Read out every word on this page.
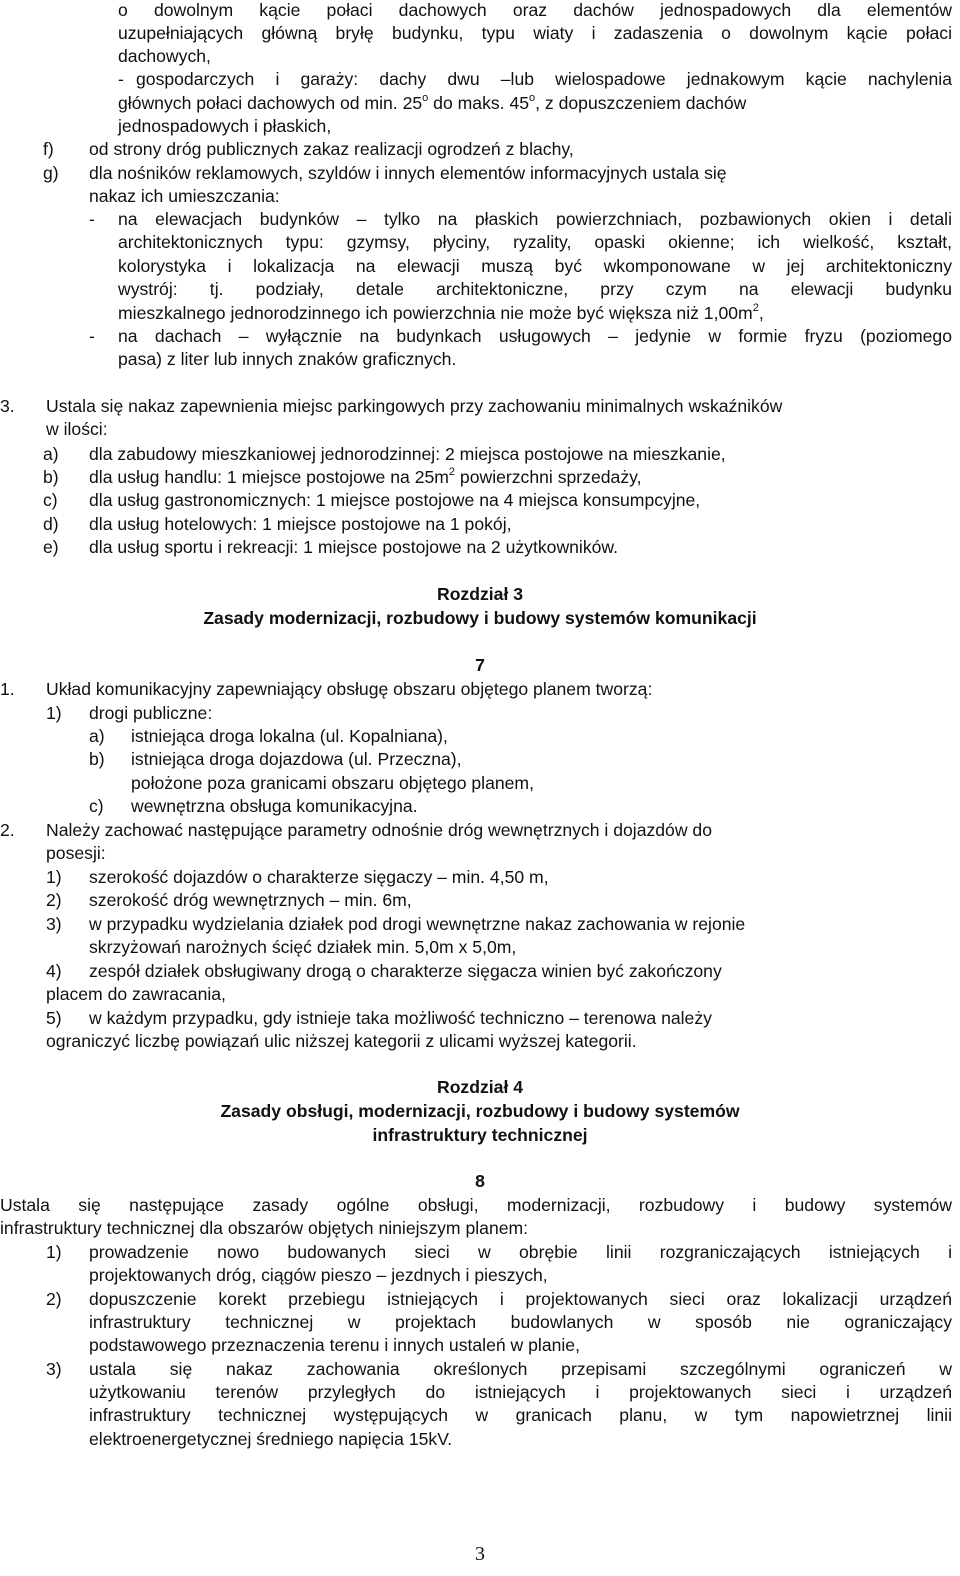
o dowolnym kącie połaci dachowych oraz dachów jednospadowych dla elementów
uzupełniających główną bryłę budynku, typu wiaty i zadaszenia o dowolnym kącie połaci
dachowych,
- gospodarczych i garaży: dachy dwu –lub wielospadowe jednakowym kącie nachylenia
głównych połaci dachowych od min. 25$^o$ do maks. 45$^o$, z dopuszczeniem dachów
jednospadowych i płaskich,
f) od strony dróg publicznych zakaz realizacji ogrodzeń z blachy,
g) dla nośników reklamowych, szyldów i innych elementów informacyjnych ustala się
nakaz ich umieszczania:
- na elewacjach budynków – tylko na płaskich powierzchniach, pozbawionych okien i detali
architektonicznych typu: gzymsy, płyciny, ryzality, opaski okienne; ich wielkość, kształt,
kolorystyka i lokalizacja na elewacji muszą być wkomponowane w jej architektoniczny
wystrój: tj. podziały, detale architektoniczne, przy czym na elewacji budynku
mieszkalnego jednorodzinnego ich powierzchnia nie może być większa niż $1,00m^2$,
- na dachach – wyłącznie na budynkach usługowych – jedynie w formie fryzu (poziomego
pasa) z liter lub innych znaków graficznych.
3. Ustala się nakaz zapewnienia miejsc parkingowych przy zachowaniu minimalnych wskaźników
w ilości:
a) dla zabudowy mieszkaniowej jednorodzinnej: 2 miejsca postojowe na mieszkanie,
b) dla usług handlu: 1 miejsce postojowe na $25m^2$ powierzchni sprzedaży,
c) dla usług gastronomicznych: 1 miejsce postojowe na 4 miejsca konsumpcyjne,
d) dla usług hotelowych: 1 miejsce postojowe na 1 pokój,
e) dla usług sportu i rekreacji: 1 miejsce postojowe na 2 użytkowników.
Rozdział 3
Zasady modernizacji, rozbudowy i budowy systemów komunikacji
7
1. Układ komunikacyjny zapewniający obsługę obszaru objętego planem tworzą:
1) drogi publiczne:
a) istniejąca droga lokalna (ul. Kopalniana),
b) istniejąca droga dojazdowa (ul. Przeczna),
położone poza granicami obszaru objętego planem,
c) wewnętrzna obsługa komunikacyjna.
2. Należy zachować następujące parametry odnośnie dróg wewnętrznych i dojazdów do
posesji:
1) szerokość dojazdów o charakterze sięgaczy – min. 4,50 m,
2) szerokość dróg wewnętrznych – min. 6m,
3) w przypadku wydzielania działek pod drogi wewnętrzne nakaz zachowania w rejonie
skrzyżowań narożnych ścięć działek min. 5,0m x 5,0m,
4) zespół działek obsługiwany drogą o charakterze sięgacza winien być zakończony
placem do zawracania,
5) w każdym przypadku, gdy istnieje taka możliwość techniczno – terenowa należy
ograniczyć liczbę powiązań ulic niższej kategorii z ulicami wyższej kategorii.
Rozdział 4
Zasady obsługi, modernizacji, rozbudowy i budowy systemów
infrastruktury technicznej
8
Ustala się następujące zasady ogólne obsługi, modernizacji, rozbudowy i budowy systemów
infrastruktury technicznej dla obszarów objętych niniejszym planem:
1) prowadzenie nowo budowanych sieci w obrębie linii rozgraniczających istniejących i
projektowanych dróg, ciągów pieszo – jezdnych i pieszych,
2) dopuszczenie korekt przebiegu istniejących i projektowanych sieci oraz lokalizacji urządzeń
infrastruktury technicznej w projektach budowlanych w sposób nie ograniczający
podstawowego przeznaczenia terenu i innych ustaleń w planie,
3) ustala się nakaz zachowania określonych przepisami szczególnymi ograniczeń w
użytkowaniu terenów przyległych do istniejących i projektowanych sieci i urządzeń
infrastruktury technicznej występujących w granicach planu, w tym napowietrznej linii
elektroenergetycznej średniego napięcia 15kV.
3
